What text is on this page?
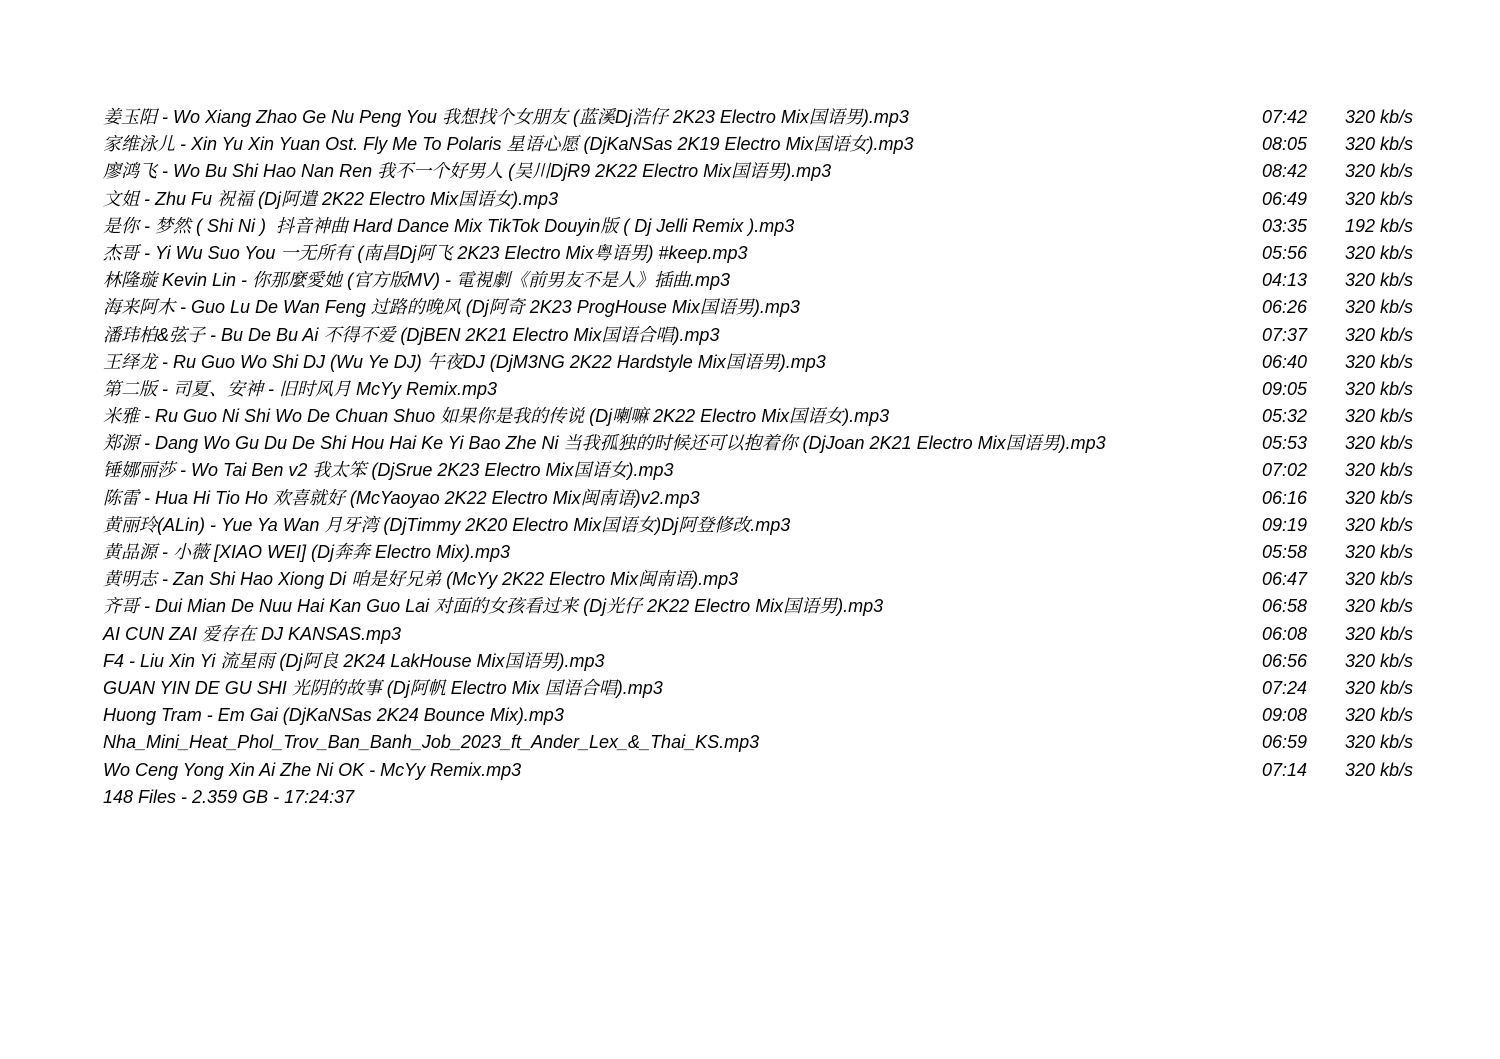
姜玉阳 - Wo Xiang Zhao Ge Nu Peng You 我想找个女朋友 (蓝溪Dj浩仔 2K23 Electro Mix国语男).mp3	07:42 320 kb/s
家维泳儿 - Xin Yu Xin Yuan Ost. Fly Me To Polaris 星语心愿 (DjKaNSas 2K19 Electro Mix国语女).mp3	08:05 320 kb/s
廖鸿飞 - Wo Bu Shi Hao Nan Ren 我不一个好男人 (吴川DjR9 2K22 Electro Mix国语男).mp3	08:42 320 kb/s
文姐 - Zhu Fu 祝福 (Dj阿遣 2K22 Electro Mix国语女).mp3	06:49 320 kb/s
是你 - 梦然 ( Shi Ni )  抖音神曲 Hard Dance Mix TikTok Douyin版 ( Dj Jelli Remix ).mp3	03:35 192 kb/s
杰哥 - Yi Wu Suo You 一无所有 (南昌Dj阿飞 2K23 Electro Mix粤语男) #keep.mp3	05:56 320 kb/s
林隆璇 Kevin Lin - 你那麼愛她 (官方版MV) - 電視劇《前男友不是人》插曲.mp3	04:13 320 kb/s
海来阿木 - Guo Lu De Wan Feng 过路的晚风 (Dj阿奇 2K23 ProgHouse Mix国语男).mp3	06:26 320 kb/s
潘玮柏&弦子 - Bu De Bu Ai 不得不爱 (DjBEN 2K21 Electro Mix国语合唱).mp3	07:37 320 kb/s
王绎龙 - Ru Guo Wo Shi DJ (Wu Ye DJ) 午夜DJ (DjM3NG 2K22 Hardstyle Mix国语男).mp3	06:40 320 kb/s
第二版 - 司夏、安神 - 旧时风月 McYy Remix.mp3	09:05 320 kb/s
米雅 - Ru Guo Ni Shi Wo De Chuan Shuo 如果你是我的传说 (Dj喇嘛 2K22 Electro Mix国语女).mp3	05:32 320 kb/s
郑源 - Dang Wo Gu Du De Shi Hou Hai Ke Yi Bao Zhe Ni 当我孤独的时候还可以抱着你 (DjJoan 2K21 Electro Mix国语男).mp3	05:53 320 kb/s
锤娜丽莎 - Wo Tai Ben v2 我太笨 (DjSrue 2K23 Electro Mix国语女).mp3	07:02 320 kb/s
陈雷 - Hua Hi Tio Ho 欢喜就好 (McYaoyao 2K22 Electro Mix闽南语)v2.mp3	06:16 320 kb/s
黄丽玲(ALin) - Yue Ya Wan 月牙湾 (DjTimmy 2K20 Electro Mix国语女)Dj阿登修改.mp3	09:19 320 kb/s
黄品源 - 小薇 [XIAO WEI] (Dj奔奔 Electro Mix).mp3	05:58 320 kb/s
黄明志 - Zan Shi Hao Xiong Di 咱是好兄弟 (McYy 2K22 Electro Mix闽南语).mp3	06:47 320 kb/s
齐哥 - Dui Mian De Nuu Hai Kan Guo Lai 对面的女孩看过来 (Dj光仔 2K22 Electro Mix国语男).mp3	06:58 320 kb/s
AI CUN ZAI 爱存在 DJ KANSAS.mp3	06:08 320 kb/s
F4 - Liu Xin Yi 流星雨 (Dj阿良 2K24 LakHouse Mix国语男).mp3	06:56 320 kb/s
GUAN YIN DE GU SHI 光阴的故事 (Dj阿帆 Electro Mix 国语合唱).mp3	07:24 320 kb/s
Huong Tram - Em Gai (DjKaNSas 2K24 Bounce Mix).mp3	09:08 320 kb/s
Nha_Mini_Heat_Phol_Trov_Ban_Banh_Job_2023_ft_Ander_Lex_&_Thai_KS.mp3	06:59 320 kb/s
Wo Ceng Yong Xin Ai Zhe Ni OK - McYy Remix.mp3	07:14 320 kb/s
148 Files - 2.359 GB - 17:24:37
